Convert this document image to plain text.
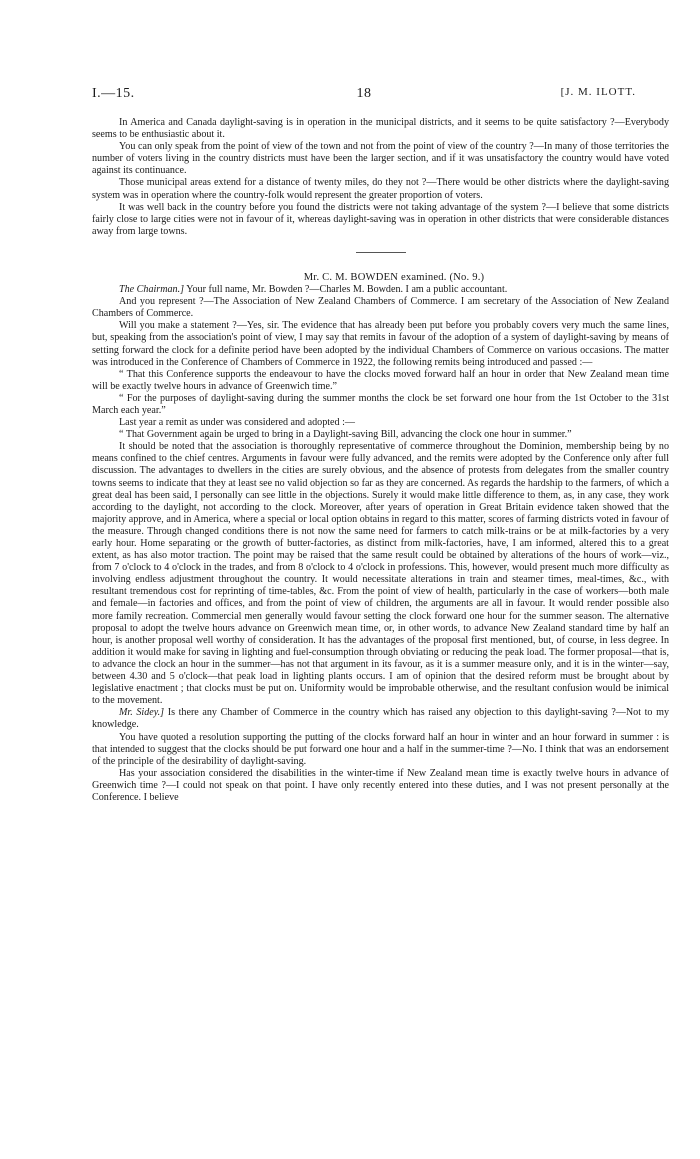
I.—15.	18	[J. M. ILOTT.

In America and Canada daylight-saving is in operation in the municipal districts, and it seems to be quite satisfactory ?—Everybody seems to be enthusiastic about it.

You can only speak from the point of view of the town and not from the point of view of the country ?—In many of those territories the number of voters living in the country districts must have been the larger section, and if it was unsatisfactory the country would have voted against its continuance.

Those municipal areas extend for a distance of twenty miles, do they not ?—There would be other districts where the daylight-saving system was in operation where the country-folk would represent the greater proportion of voters.

It was well back in the country before you found the districts were not taking advantage of the system ?—I believe that some districts fairly close to large cities were not in favour of it, whereas daylight-saving was in operation in other districts that were considerable distances away from large towns.

Mr. C. M. BOWDEN examined. (No. 9.)

The Chairman.] Your full name, Mr. Bowden ?—Charles M. Bowden. I am a public accountant.

And you represent ?—The Association of New Zealand Chambers of Commerce. I am secretary of the Association of New Zealand Chambers of Commerce.

Will you make a statement ?—Yes, sir. The evidence that has already been put before you probably covers very much the same lines, but, speaking from the association's point of view, I may say that remits in favour of the adoption of a system of daylight-saving by means of setting forward the clock for a definite period have been adopted by the individual Chambers of Commerce on various occasions. The matter was introduced in the Conference of Chambers of Commerce in 1922, the following remits being introduced and passed :—

“ That this Conference supports the endeavour to have the clocks moved forward half an hour in order that New Zealand mean time will be exactly twelve hours in advance of Greenwich time.”

“ For the purposes of daylight-saving during the summer months the clock be set forward one hour from the 1st October to the 31st March each year.”

Last year a remit as under was considered and adopted :—

“ That Government again be urged to bring in a Daylight-saving Bill, advancing the clock one hour in summer.”

It should be noted that the association is thoroughly representative of commerce throughout the Dominion, membership being by no means confined to the chief centres. Arguments in favour were fully advanced, and the remits were adopted by the Conference only after full discussion. The advantages to dwellers in the cities are surely obvious, and the absence of protests from delegates from the smaller country towns seems to indicate that they at least see no valid objection so far as they are concerned. As regards the hardship to the farmers, of which a great deal has been said, I personally can see little in the objections. Surely it would make little difference to them, as, in any case, they work according to the daylight, not according to the clock. Moreover, after years of operation in Great Britain evidence taken showed that the majority approve, and in America, where a special or local option obtains in regard to this matter, scores of farming districts voted in favour of the measure. Through changed conditions there is not now the same need for farmers to catch milk-trains or be at milk-factories by a very early hour. Home separating or the growth of butter-factories, as distinct from milk-factories, have, I am informed, altered this to a great extent, as has also motor traction. The point may be raised that the same result could be obtained by alterations of the hours of work—viz., from 7 o'clock to 4 o'clock in the trades, and from 8 o'clock to 4 o'clock in professions. This, however, would present much more difficulty as involving endless adjustment throughout the country. It would necessitate alterations in train and steamer times, meal-times, &c., with resultant tremendous cost for reprinting of time-tables, &c. From the point of view of health, particularly in the case of workers—both male and female—in factories and offices, and from the point of view of children, the arguments are all in favour. It would render possible also more family recreation. Commercial men generally would favour setting the clock forward one hour for the summer season. The alternative proposal to adopt the twelve hours advance on Greenwich mean time, or, in other words, to advance New Zealand standard time by half an hour, is another proposal well worthy of consideration. It has the advantages of the proposal first mentioned, but, of course, in less degree. In addition it would make for saving in lighting and fuel-consumption through obviating or reducing the peak load. The former proposal—that is, to advance the clock an hour in the summer—has not that argument in its favour, as it is a summer measure only, and it is in the winter—say, between 4.30 and 5 o'clock—that peak load in lighting plants occurs. I am of opinion that the desired reform must be brought about by legislative enactment ; that clocks must be put on. Uniformity would be improbable otherwise, and the resultant confusion would be inimical to the movement.

Mr. Sidey.] Is there any Chamber of Commerce in the country which has raised any objection to this daylight-saving ?—Not to my knowledge.

You have quoted a resolution supporting the putting of the clocks forward half an hour in winter and an hour forward in summer : is that intended to suggest that the clocks should be put forward one hour and a half in the summer-time ?—No. I think that was an endorsement of the principle of the desirability of daylight-saving.

Has your association considered the disabilities in the winter-time if New Zealand mean time is exactly twelve hours in advance of Greenwich time ?—I could not speak on that point. I have only recently entered into these duties, and I was not present personally at the Conference. I believe
